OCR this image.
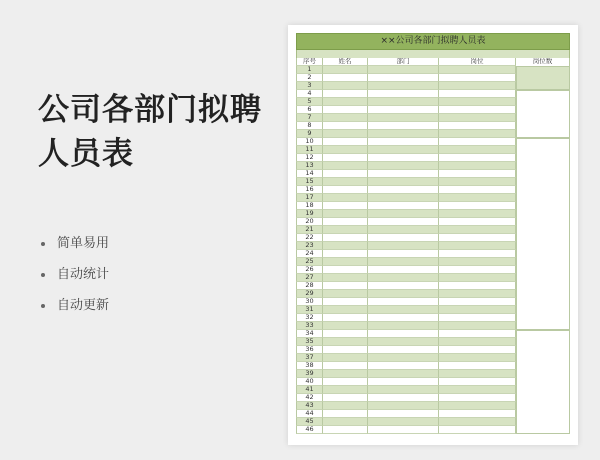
公司各部门拟聘
人员表
简单易用
自动统计
自动更新
××公司各部门拟聘人员表
序号	姓名	部门	岗位	岗位数
1
2
3
4
5
6
7
8
9
10
11
12
13
14
15
16
17
18
19
20
21
22
23
24
25
26
27
28
29
30
31
32
33
34
35
36
37
38
39
40
41
42
43
44
45
46
